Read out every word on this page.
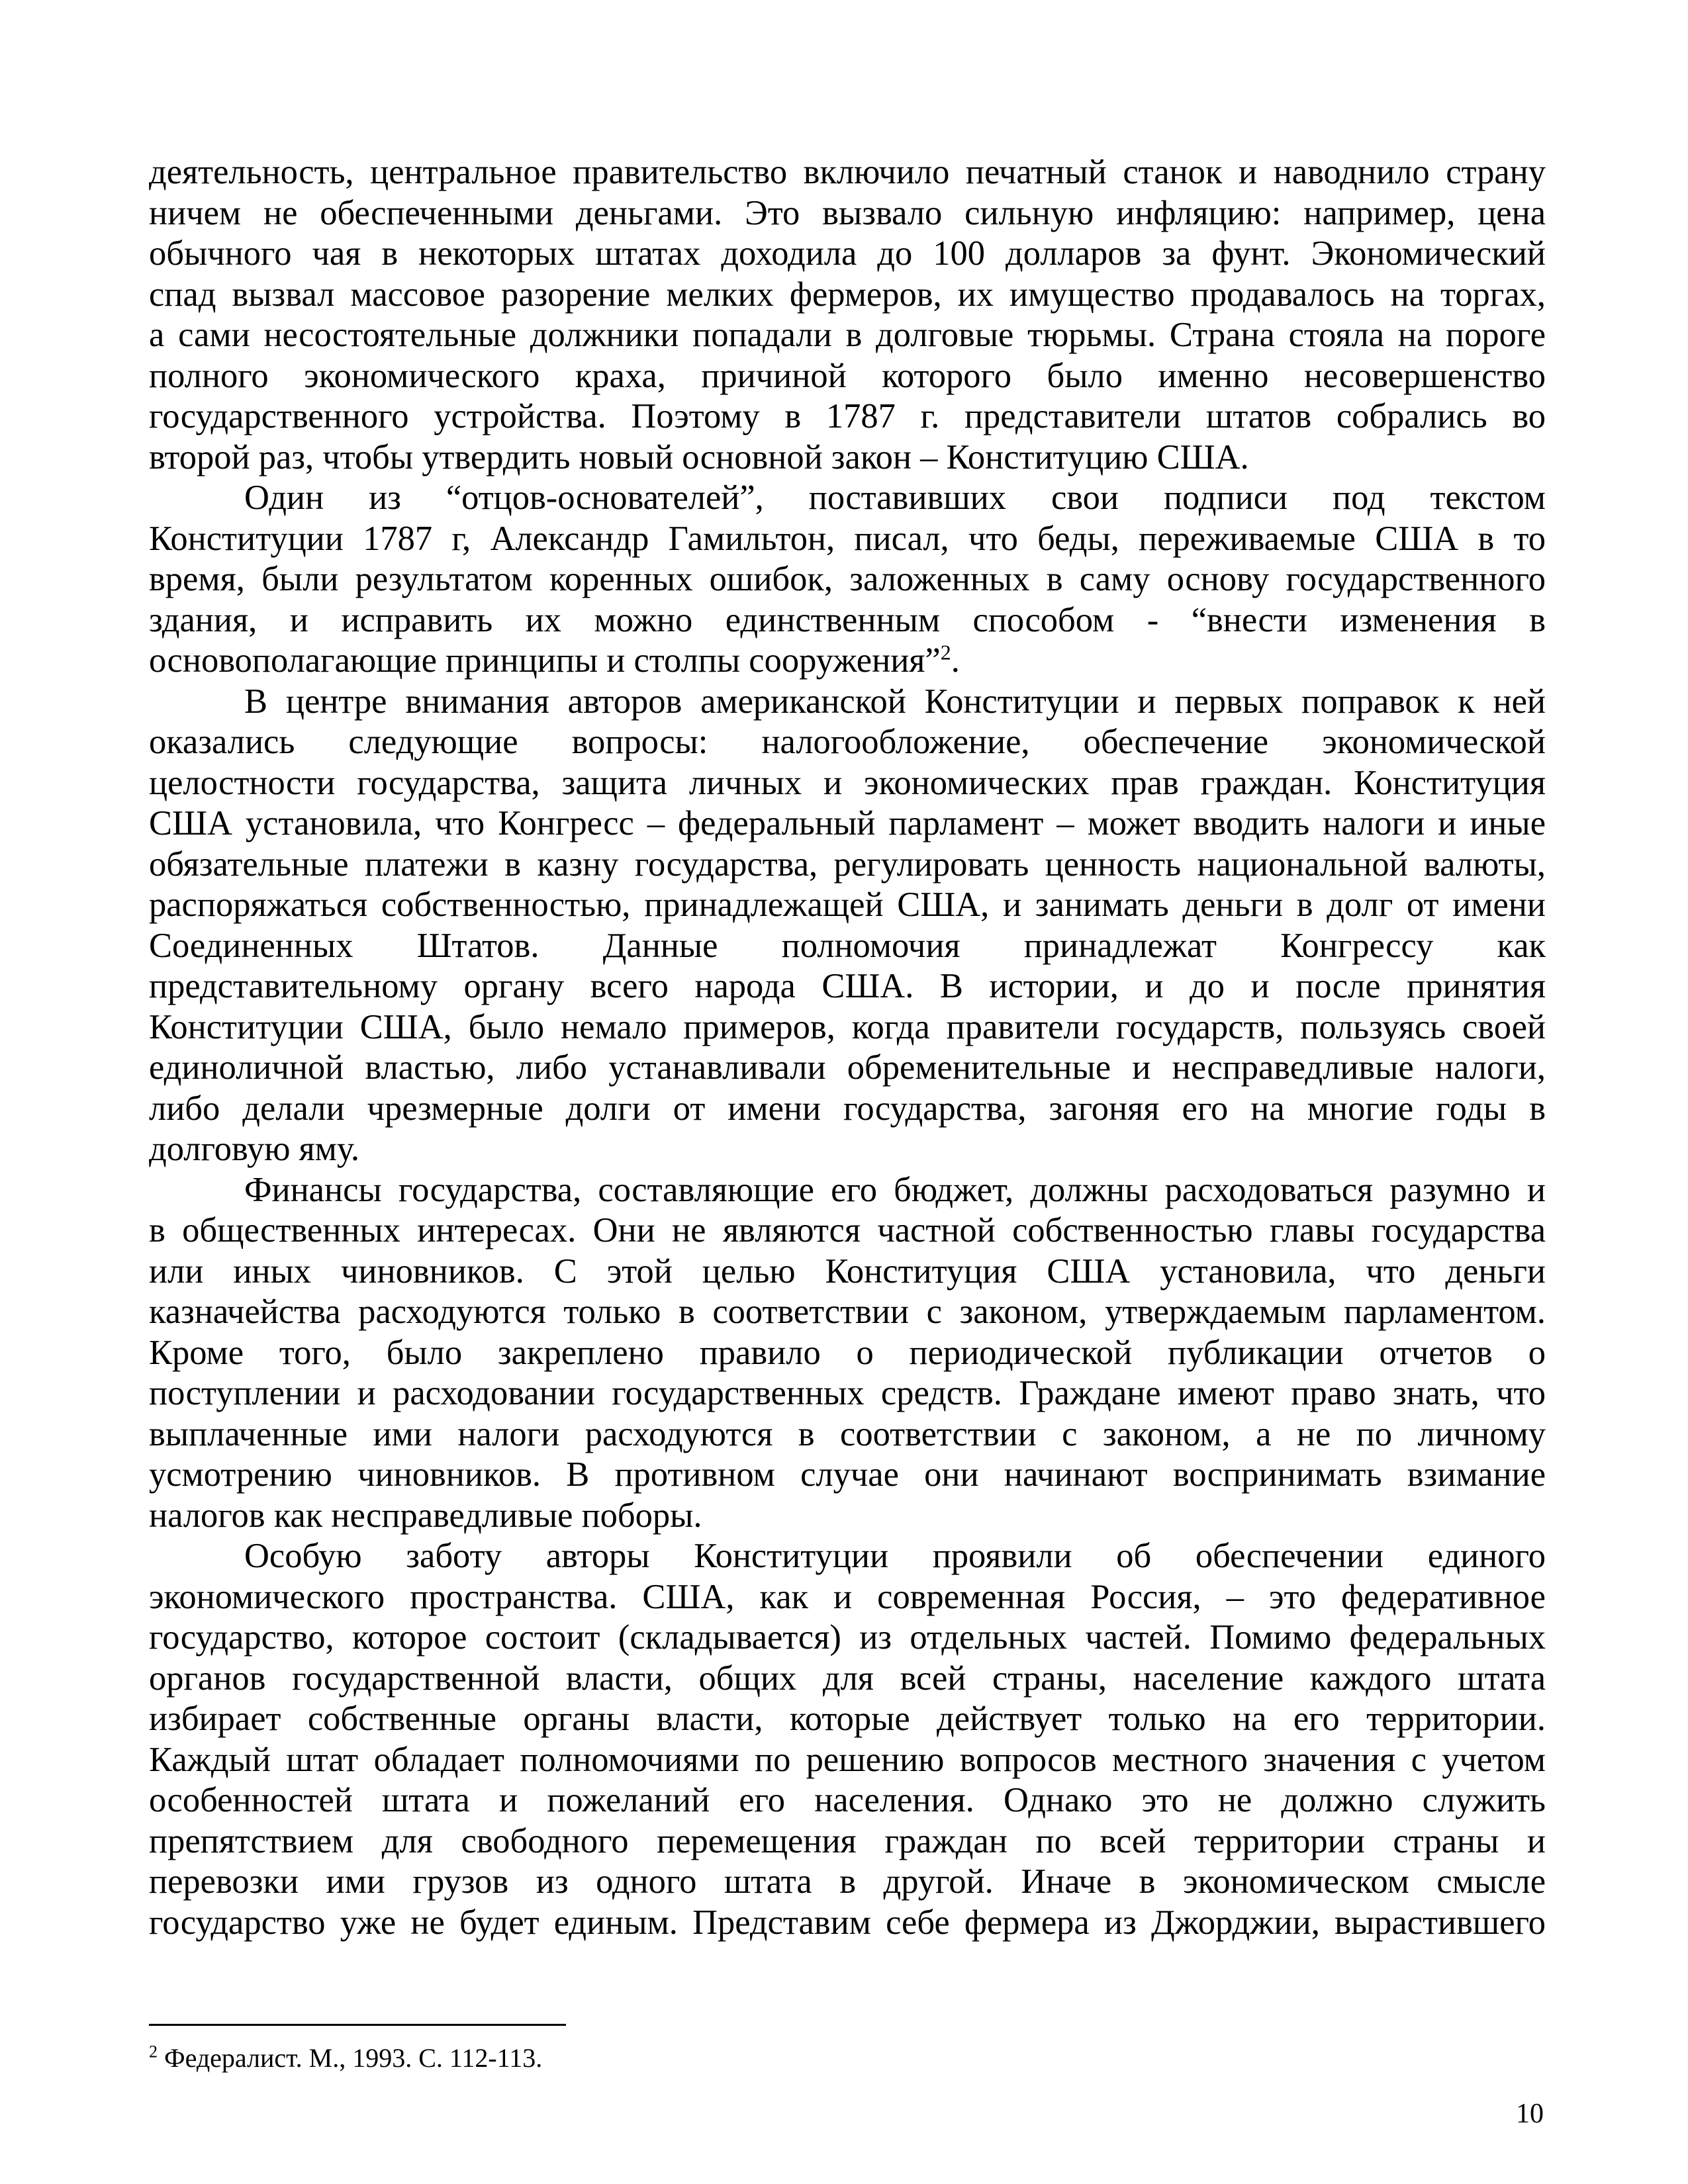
деятельность, центральное правительство включило печатный станок и наводнило страну
ничем не обеспеченными деньгами. Это вызвало сильную инфляцию: например, цена
обычного чая в некоторых штатах доходила до 100 долларов за фунт. Экономический
спад вызвал массовое разорение мелких фермеров, их имущество продавалось на торгах,
а сами несостоятельные должники попадали в долговые тюрьмы. Страна стояла на пороге
полного экономического краха, причиной которого было именно несовершенство
государственного устройства. Поэтому в 1787 г. представители штатов собрались во
второй раз, чтобы утвердить новый основной закон – Конституцию США.
Один из “отцов-основателей”, поставивших свои подписи под текстом
Конституции 1787 г, Александр Гамильтон, писал, что беды, переживаемые США в то
время, были результатом коренных ошибок, заложенных в саму основу государственного
здания, и исправить их можно единственным способом - “внести изменения в
основополагающие принципы и столпы сооружения”$^2$.
В центре внимания авторов американской Конституции и первых поправок к ней
оказались следующие вопросы: налогообложение, обеспечение экономической
целостности государства, защита личных и экономических прав граждан. Конституция
США установила, что Конгресс – федеральный парламент – может вводить налоги и иные
обязательные платежи в казну государства, регулировать ценность национальной валюты,
распоряжаться собственностью, принадлежащей США, и занимать деньги в долг от имени
Соединенных Штатов. Данные полномочия принадлежат Конгрессу как
представительному органу всего народа США. В истории, и до и после принятия
Конституции США, было немало примеров, когда правители государств, пользуясь своей
единоличной властью, либо устанавливали обременительные и несправедливые налоги,
либо делали чрезмерные долги от имени государства, загоняя его на многие годы в
долговую яму.
Финансы государства, составляющие его бюджет, должны расходоваться разумно и
в общественных интересах. Они не являются частной собственностью главы государства
или иных чиновников. С этой целью Конституция США установила, что деньги
казначейства расходуются только в соответствии с законом, утверждаемым парламентом.
Кроме того, было закреплено правило о периодической публикации отчетов о
поступлении и расходовании государственных средств. Граждане имеют право знать, что
выплаченные ими налоги расходуются в соответствии с законом, а не по личному
усмотрению чиновников. В противном случае они начинают воспринимать взимание
налогов как несправедливые поборы.
Особую заботу авторы Конституции проявили об обеспечении единого
экономического пространства. США, как и современная Россия, – это федеративное
государство, которое состоит (складывается) из отдельных частей. Помимо федеральных
органов государственной власти, общих для всей страны, население каждого штата
избирает собственные органы власти, которые действует только на его территории.
Каждый штат обладает полномочиями по решению вопросов местного значения с учетом
особенностей штата и пожеланий его населения. Однако это не должно служить
препятствием для свободного перемещения граждан по всей территории страны и
перевозки ими грузов из одного штата в другой. Иначе в экономическом смысле
государство уже не будет единым. Представим себе фермера из Джорджии, вырастившего
$^2$ Федералист. М., 1993. С. 112-113.
10
